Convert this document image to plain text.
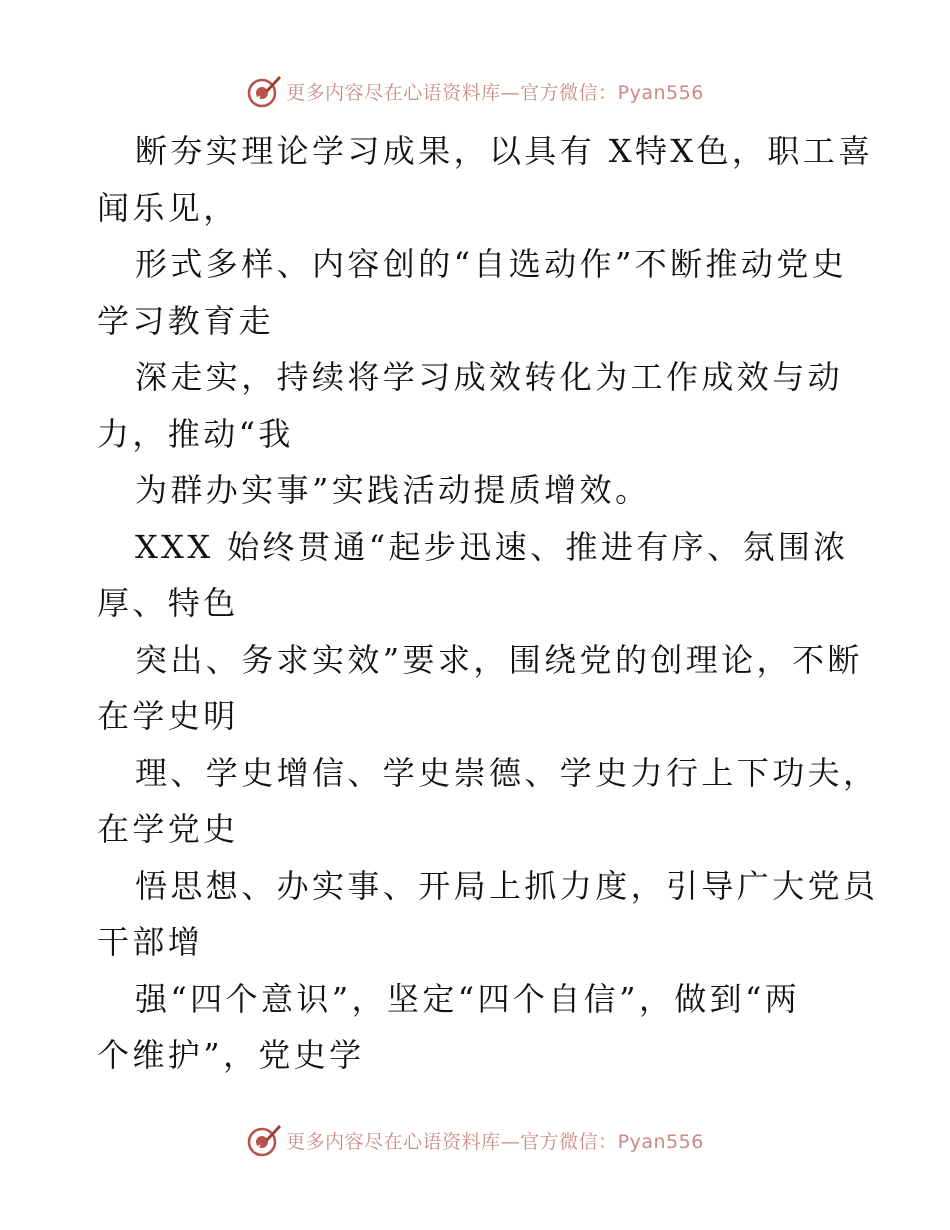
更多内容尽在心语资料库—官方微信：Pyan556
断夯实理论学习成果，以具有 X特X色，职工喜
闻乐见，
形式多样、内容创的“自选动作”不断推动党史
学习教育走
深走实，持续将学习成效转化为工作成效与动
力，推动“我
为群办实事”实践活动提质增效。
XXX 始终贯通“起步迅速、推进有序、氛围浓
厚、特色
突出、务求实效”要求，围绕党的创理论，不断
在学史明
理、学史增信、学史崇德、学史力行上下功夫，
在学党史
悟思想、办实事、开局上抓力度，引导广大党员
干部增
强“四个意识”，坚定“四个自信”，做到“两
个维护”，党史学
更多内容尽在心语资料库—官方微信：Pyan556
